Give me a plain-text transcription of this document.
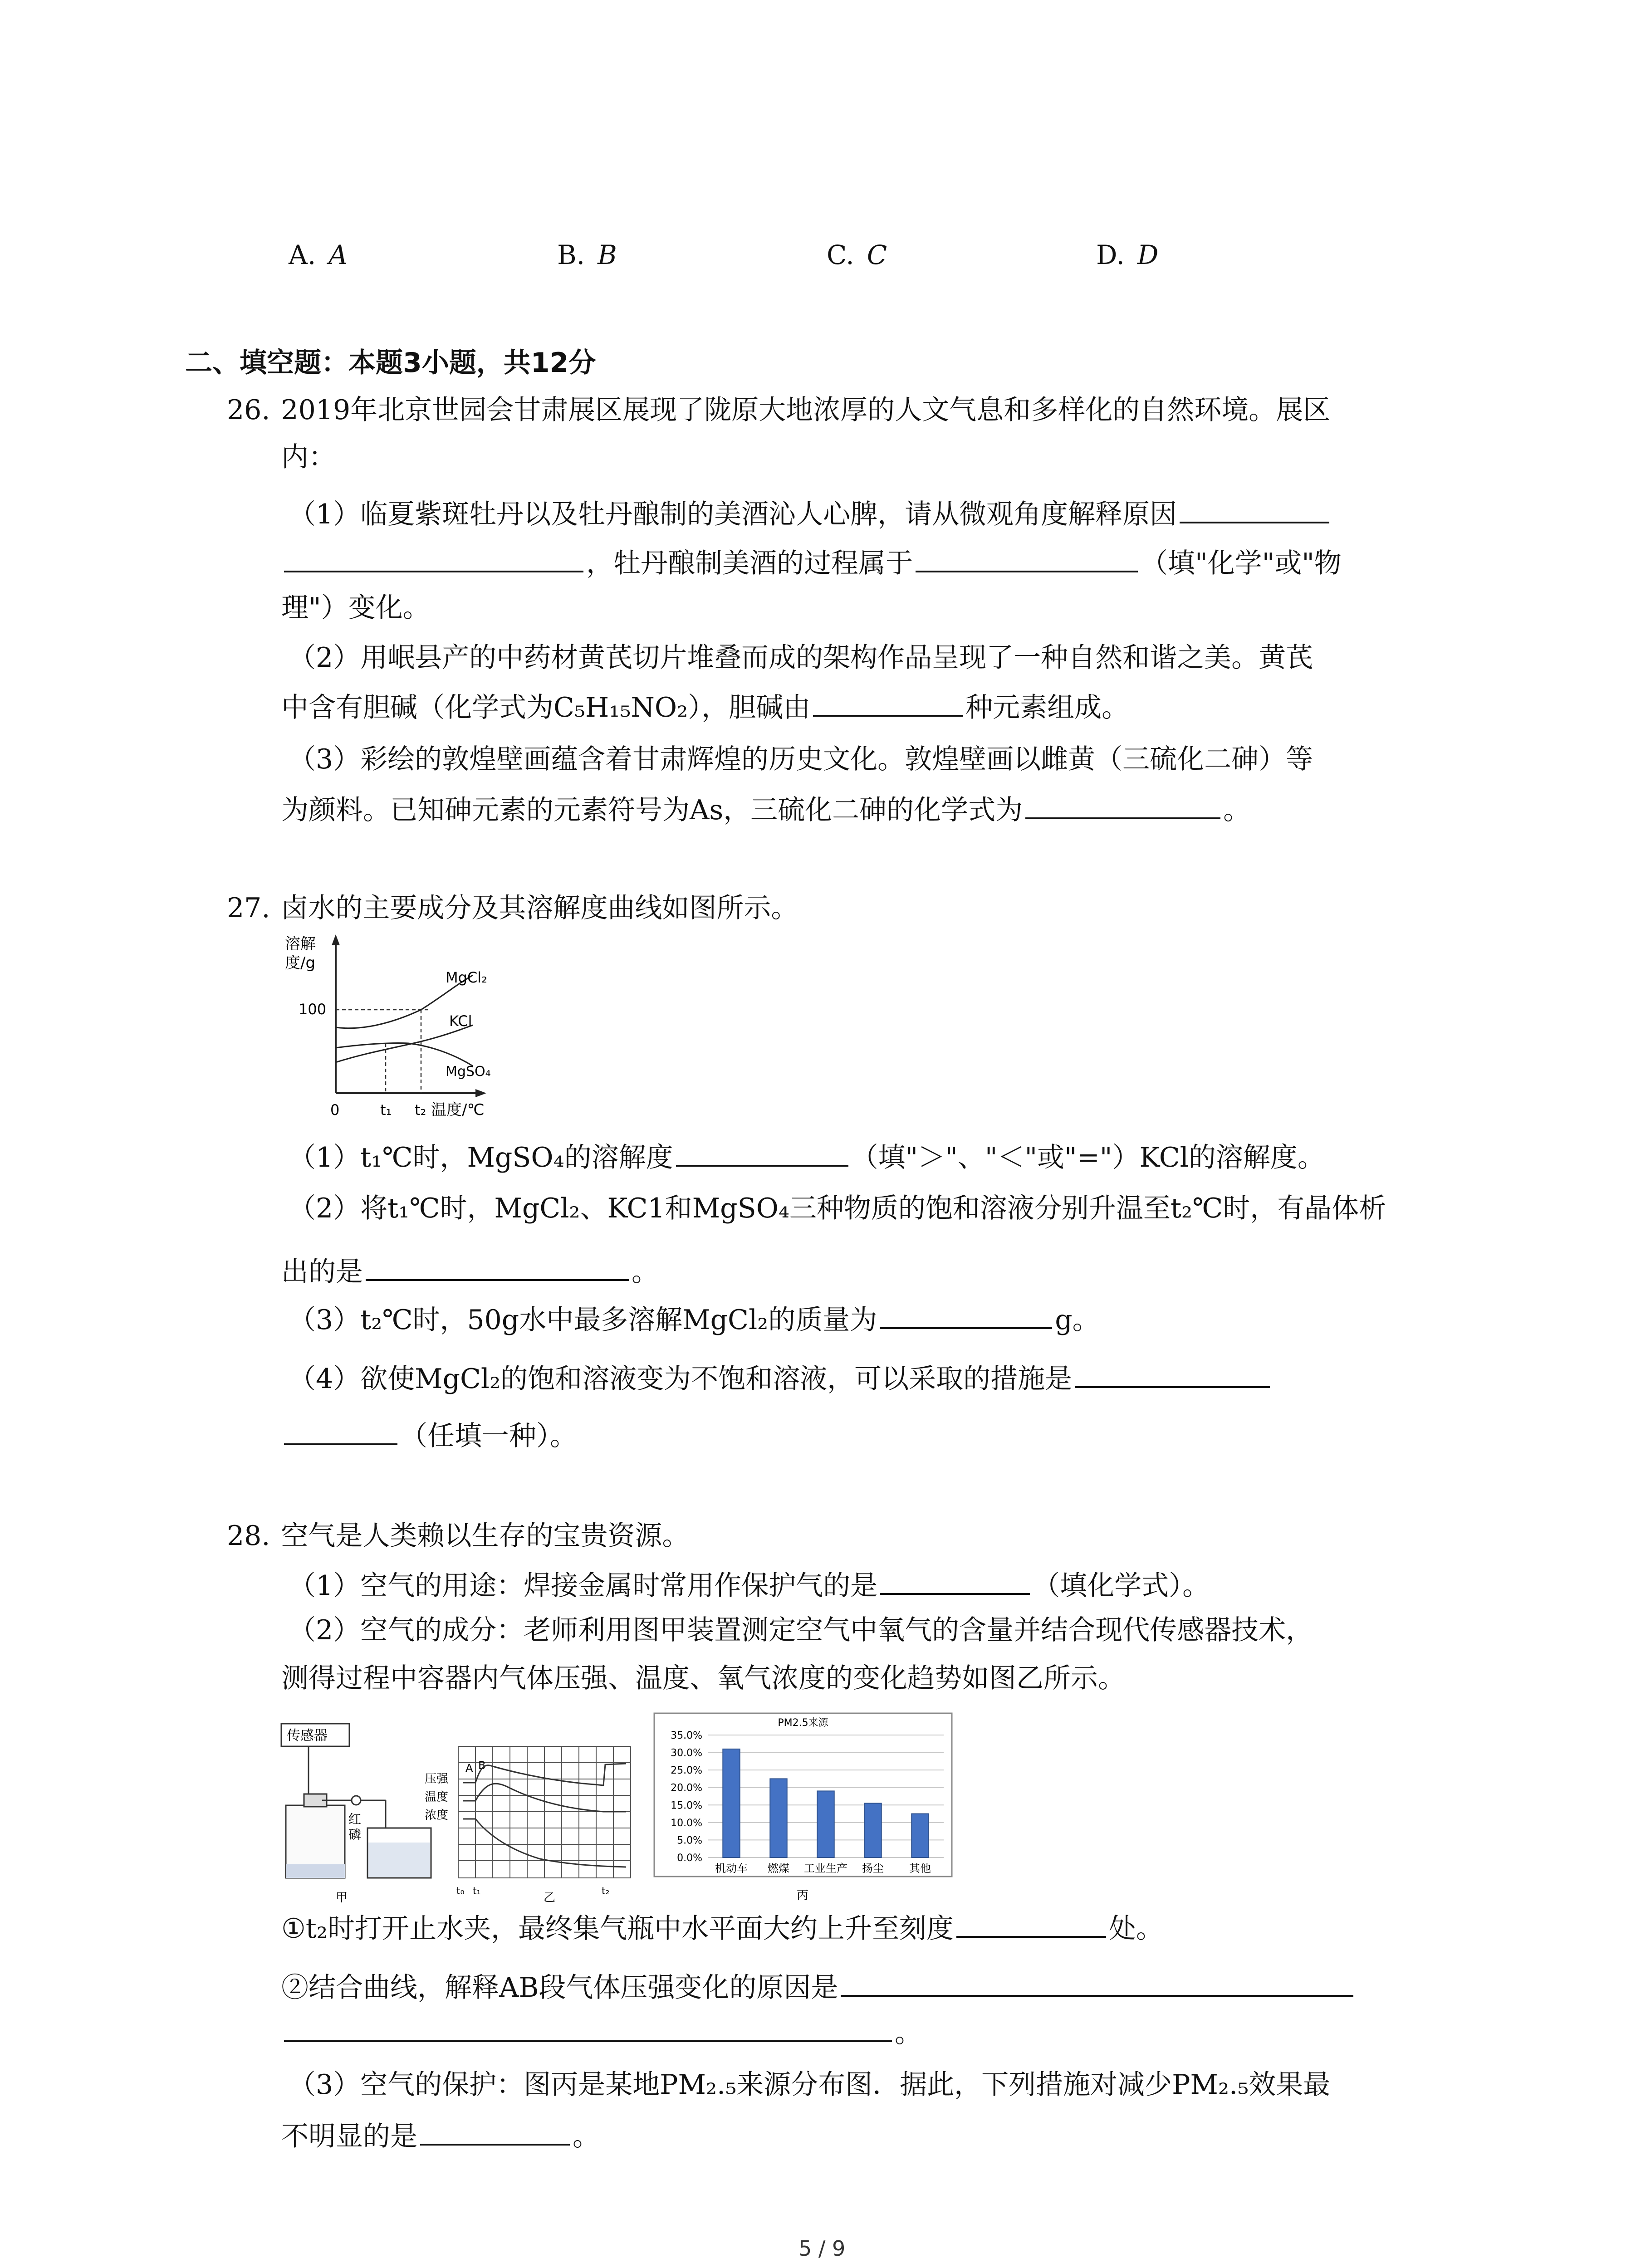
A. A	B. B	C. C	D. D
二、填空题：本题3小题，共12分
26. 2019年北京世园会甘肃展区展现了陇原大地浓厚的人文气息和多样化的自然环境。展区
内：
（1）临夏紫斑牡丹以及牡丹酿制的美酒沁人心脾，请从微观角度解释原因
，牡丹酿制美酒的过程属于	（填"化学"或"物
理"）变化。
（2）用岷县产的中药材黄芪切片堆叠而成的架构作品呈现了一种自然和谐之美。黄芪
中含有胆碱（化学式为C₅H₁₅NO₂），胆碱由	种元素组成。
（3）彩绘的敦煌壁画蕴含着甘肃辉煌的历史文化。敦煌壁画以雌黄（三硫化二砷）等
为颜料。已知砷元素的元素符号为As，三硫化二砷的化学式为	。
27. 卤水的主要成分及其溶解度曲线如图所示。
溶解
度/g
100
MgCl₂
KCl
MgSO₄
0	t₁ t₂ 温度/℃
（1）t₁℃时，MgSO₄的溶解度	（填"＞"、"＜"或"="）KCl的溶解度。
（2）将t₁℃时，MgCl₂、KC1和MgSO₄三种物质的饱和溶液分别升温至t₂℃时，有晶体析
出的是	。
（3）t₂℃时，50g水中最多溶解MgCl₂的质量为	g。
（4）欲使MgCl₂的饱和溶液变为不饱和溶液，可以采取的措施是
（任填一种）。
28. 空气是人类赖以生存的宝贵资源。
（1）空气的用途：焊接金属时常用作保护气的是	（填化学式）。
（2）空气的成分：老师利用图甲装置测定空气中氧气的含量并结合现代传感器技术，
测得过程中容器内气体压强、温度、氧气浓度的变化趋势如图乙所示。
传感器
红
磷
甲
压强
温度
浓度
A B
t₀ t₁	t₂
乙
PM2.5来源
0.0%
5.0%
10.0%
15.0%
20.0%
25.0%
30.0%
35.0%
机动车 燃煤 工业生产 扬尘 其他
丙
①t₂时打开止水夹，最终集气瓶中水平面大约上升至刻度	处。
②结合曲线，解释AB段气体压强变化的原因是
。
（3）空气的保护：图丙是某地PM₂.₅来源分布图．据此，下列措施对减少PM₂.₅效果最
不明显的是	。
5 / 9
